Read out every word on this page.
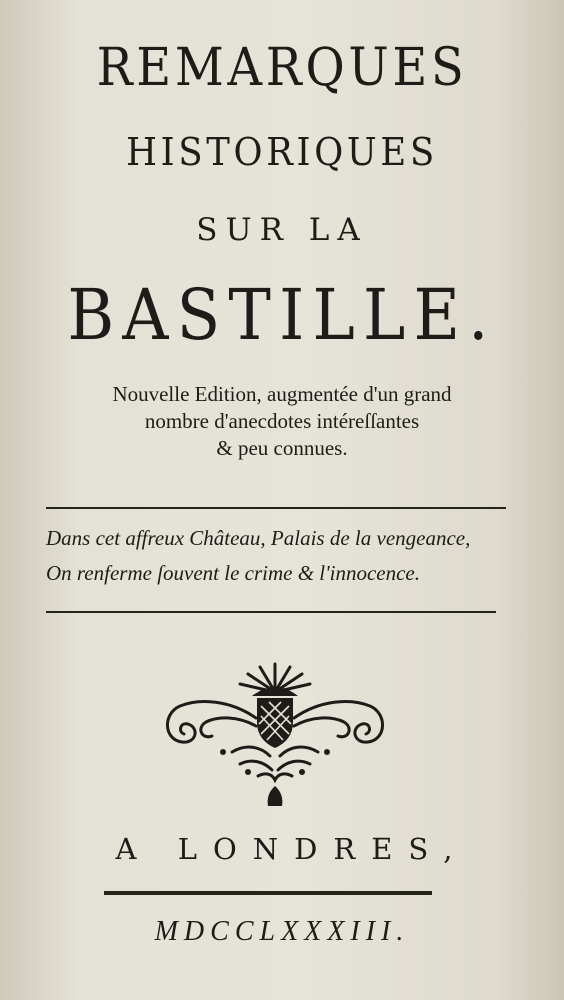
REMARQUES
HISTORIQUES
SUR LA
BASTILLE.
Nouvelle Edition, augmentée d'un grand
nombre d'anecdotes intéreſſantes
& peu connues.
Dans cet affreux Château, Palais de la vengeance,
On renferme ſouvent le crime & l'innocence.
A LONDRES,
MDCCLXXXIII.
